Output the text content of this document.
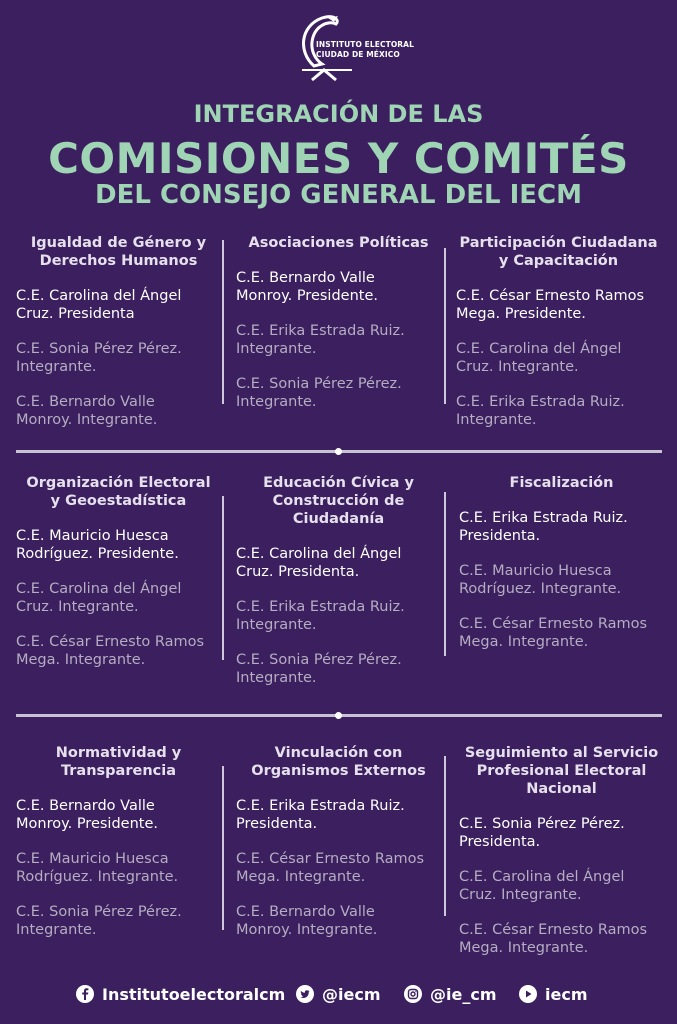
INSTITUTO ELECTORAL
CIUDAD DE MÉXICO
INTEGRACIÓN DE LAS
COMISIONES Y COMITÉS
DEL CONSEJO GENERAL DEL IECM
Igualdad de Género y
Derechos Humanos
C.E. Carolina del Ángel
Cruz. Presidenta
C.E. Sonia Pérez Pérez.
Integrante.
C.E. Bernardo Valle
Monroy. Integrante.
Asociaciones Políticas
C.E. Bernardo Valle
Monroy. Presidente.
C.E. Erika Estrada Ruiz.
Integrante.
C.E. Sonia Pérez Pérez.
Integrante.
Participación Ciudadana
y Capacitación
C.E. César Ernesto Ramos
Mega. Presidente.
C.E. Carolina del Ángel
Cruz. Integrante.
C.E. Erika Estrada Ruiz.
Integrante.
Organización Electoral
y Geoestadística
C.E. Mauricio Huesca
Rodríguez. Presidente.
C.E. Carolina del Ángel
Cruz. Integrante.
C.E. César Ernesto Ramos
Mega. Integrante.
Educación Cívica y
Construcción de
Ciudadanía
C.E. Carolina del Ángel
Cruz. Presidenta.
C.E. Erika Estrada Ruiz.
Integrante.
C.E. Sonia Pérez Pérez.
Integrante.
Fiscalización
C.E. Erika Estrada Ruiz.
Presidenta.
C.E. Mauricio Huesca
Rodríguez. Integrante.
C.E. César Ernesto Ramos
Mega. Integrante.
Normatividad y
Transparencia
C.E. Bernardo Valle
Monroy. Presidente.
C.E. Mauricio Huesca
Rodríguez. Integrante.
C.E. Sonia Pérez Pérez.
Integrante.
Vinculación con
Organismos Externos
C.E. Erika Estrada Ruiz.
Presidenta.
C.E. César Ernesto Ramos
Mega. Integrante.
C.E. Bernardo Valle
Monroy. Integrante.
Seguimiento al Servicio
Profesional Electoral
Nacional
C.E. Sonia Pérez Pérez.
Presidenta.
C.E. Carolina del Ángel
Cruz. Integrante.
C.E. César Ernesto Ramos
Mega. Integrante.
Institutoelectoralcm @iecm	@ie_cm	iecm
